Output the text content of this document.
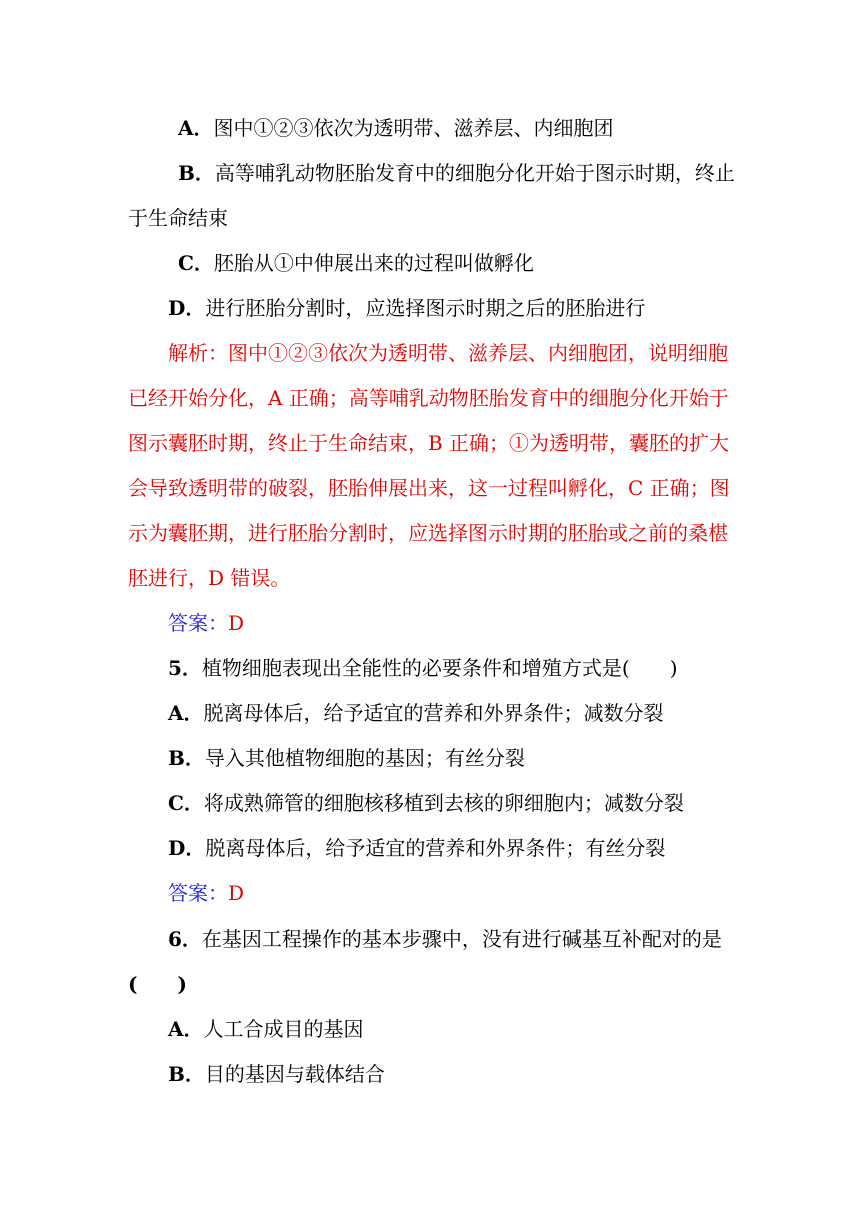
A．图中①②③依次为透明带、滋养层、内细胞团
B．高等哺乳动物胚胎发育中的细胞分化开始于图示时期，终止
于生命结束
C．胚胎从①中伸展出来的过程叫做孵化
D．进行胚胎分割时，应选择图示时期之后的胚胎进行
解析：图中①②③依次为透明带、滋养层、内细胞团，说明细胞
已经开始分化，A 正确；高等哺乳动物胚胎发育中的细胞分化开始于
图示囊胚时期，终止于生命结束，B 正确；①为透明带，囊胚的扩大
会导致透明带的破裂，胚胎伸展出来，这一过程叫孵化，C 正确；图
示为囊胚期，进行胚胎分割时，应选择图示时期的胚胎或之前的桑椹
胚进行，D 错误。
答案：D
5．植物细胞表现出全能性的必要条件和增殖方式是(　　)
A．脱离母体后，给予适宜的营养和外界条件；减数分裂
B．导入其他植物细胞的基因；有丝分裂
C．将成熟筛管的细胞核移植到去核的卵细胞内；减数分裂
D．脱离母体后，给予适宜的营养和外界条件；有丝分裂
答案：D
6．在基因工程操作的基本步骤中，没有进行碱基互补配对的是
(　　)
A．人工合成目的基因
B．目的基因与载体结合
